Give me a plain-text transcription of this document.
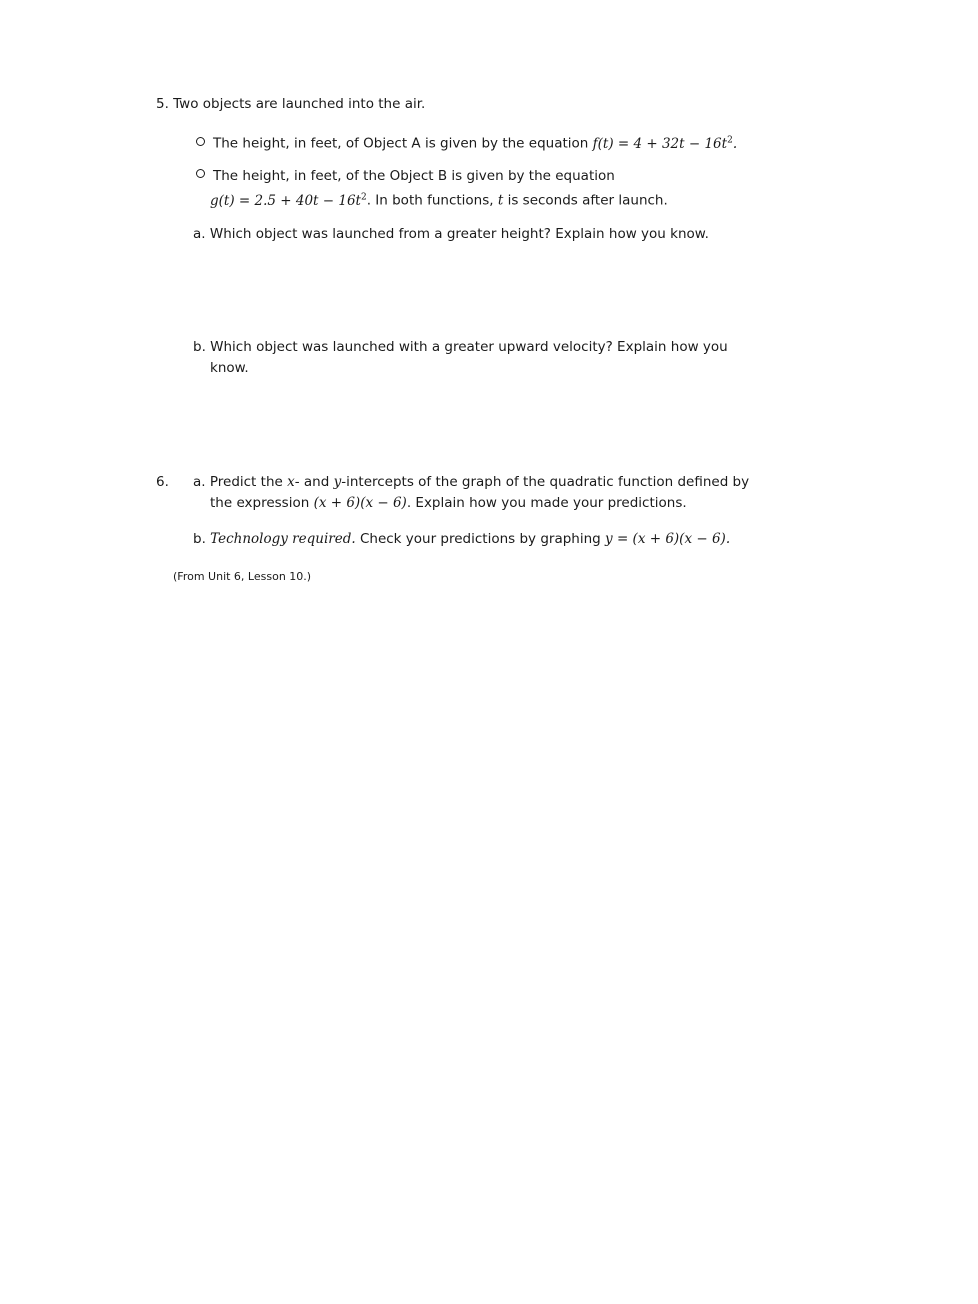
5. Two objects are launched into the air.
The height, in feet, of Object A is given by the equation $f(t) = 4 + 32t - 16t^2$.
The height, in feet, of the Object B is given by the equation
$g(t) = 2.5 + 40t - 16t^2$. In both functions, t is seconds after launch.
a. Which object was launched from a greater height? Explain how you know.
b. Which object was launched with a greater upward velocity? Explain how you
know.
6. a. Predict the x- and y-intercepts of the graph of the quadratic function defined by
the expression (x + 6)(x − 6). Explain how you made your predictions.
b. Technology required. Check your predictions by graphing y = (x + 6)(x − 6).
(From Unit 6, Lesson 10.)
